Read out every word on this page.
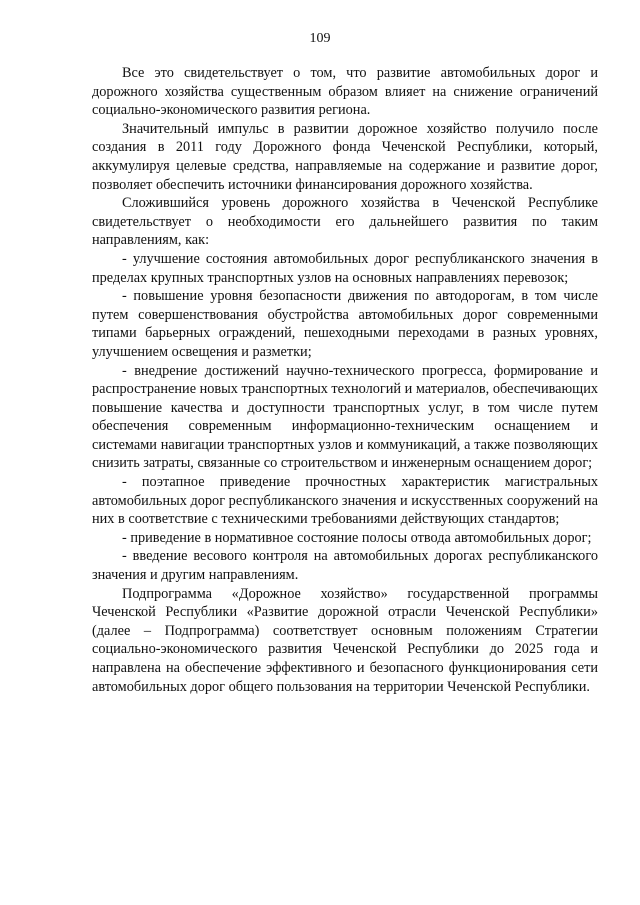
109

Все это свидетельствует о том, что развитие автомобильных дорог и дорожного хозяйства существенным образом влияет на снижение ограничений социально-экономического развития региона.

Значительный импульс в развитии дорожное хозяйство получило после создания в 2011 году Дорожного фонда Чеченской Республики, который, аккумулируя целевые средства, направляемые на содержание и развитие дорог, позволяет обеспечить источники финансирования дорожного хозяйства.

Сложившийся уровень дорожного хозяйства в Чеченской Республике свидетельствует о необходимости его дальнейшего развития по таким направлениям, как:

- улучшение состояния автомобильных дорог республиканского значения в пределах крупных транспортных узлов на основных направлениях перевозок;

- повышение уровня безопасности движения по автодорогам, в том числе путем совершенствования обустройства автомобильных дорог современными типами барьерных ограждений, пешеходными переходами в разных уровнях, улучшением освещения и разметки;

- внедрение достижений научно-технического прогресса, формирование и распространение новых транспортных технологий и материалов, обеспечивающих повышение качества и доступности транспортных услуг, в том числе путем обеспечения современным информационно-техническим оснащением и системами навигации транспортных узлов и коммуникаций, а также позволяющих снизить затраты, связанные со строительством и инженерным оснащением дорог;

- поэтапное приведение прочностных характеристик магистральных автомобильных дорог республиканского значения и искусственных сооружений на них в соответствие с техническими требованиями действующих стандартов;

- приведение в нормативное состояние полосы отвода автомобильных дорог;

- введение весового контроля на автомобильных дорогах республиканского значения и другим направлениям.

Подпрограмма «Дорожное хозяйство» государственной программы Чеченской Республики «Развитие дорожной отрасли Чеченской Республики» (далее – Подпрограмма) соответствует основным положениям Стратегии социально-экономического развития Чеченской Республики до 2025 года и направлена на обеспечение эффективного и безопасного функционирования сети автомобильных дорог общего пользования на территории Чеченской Республики.
